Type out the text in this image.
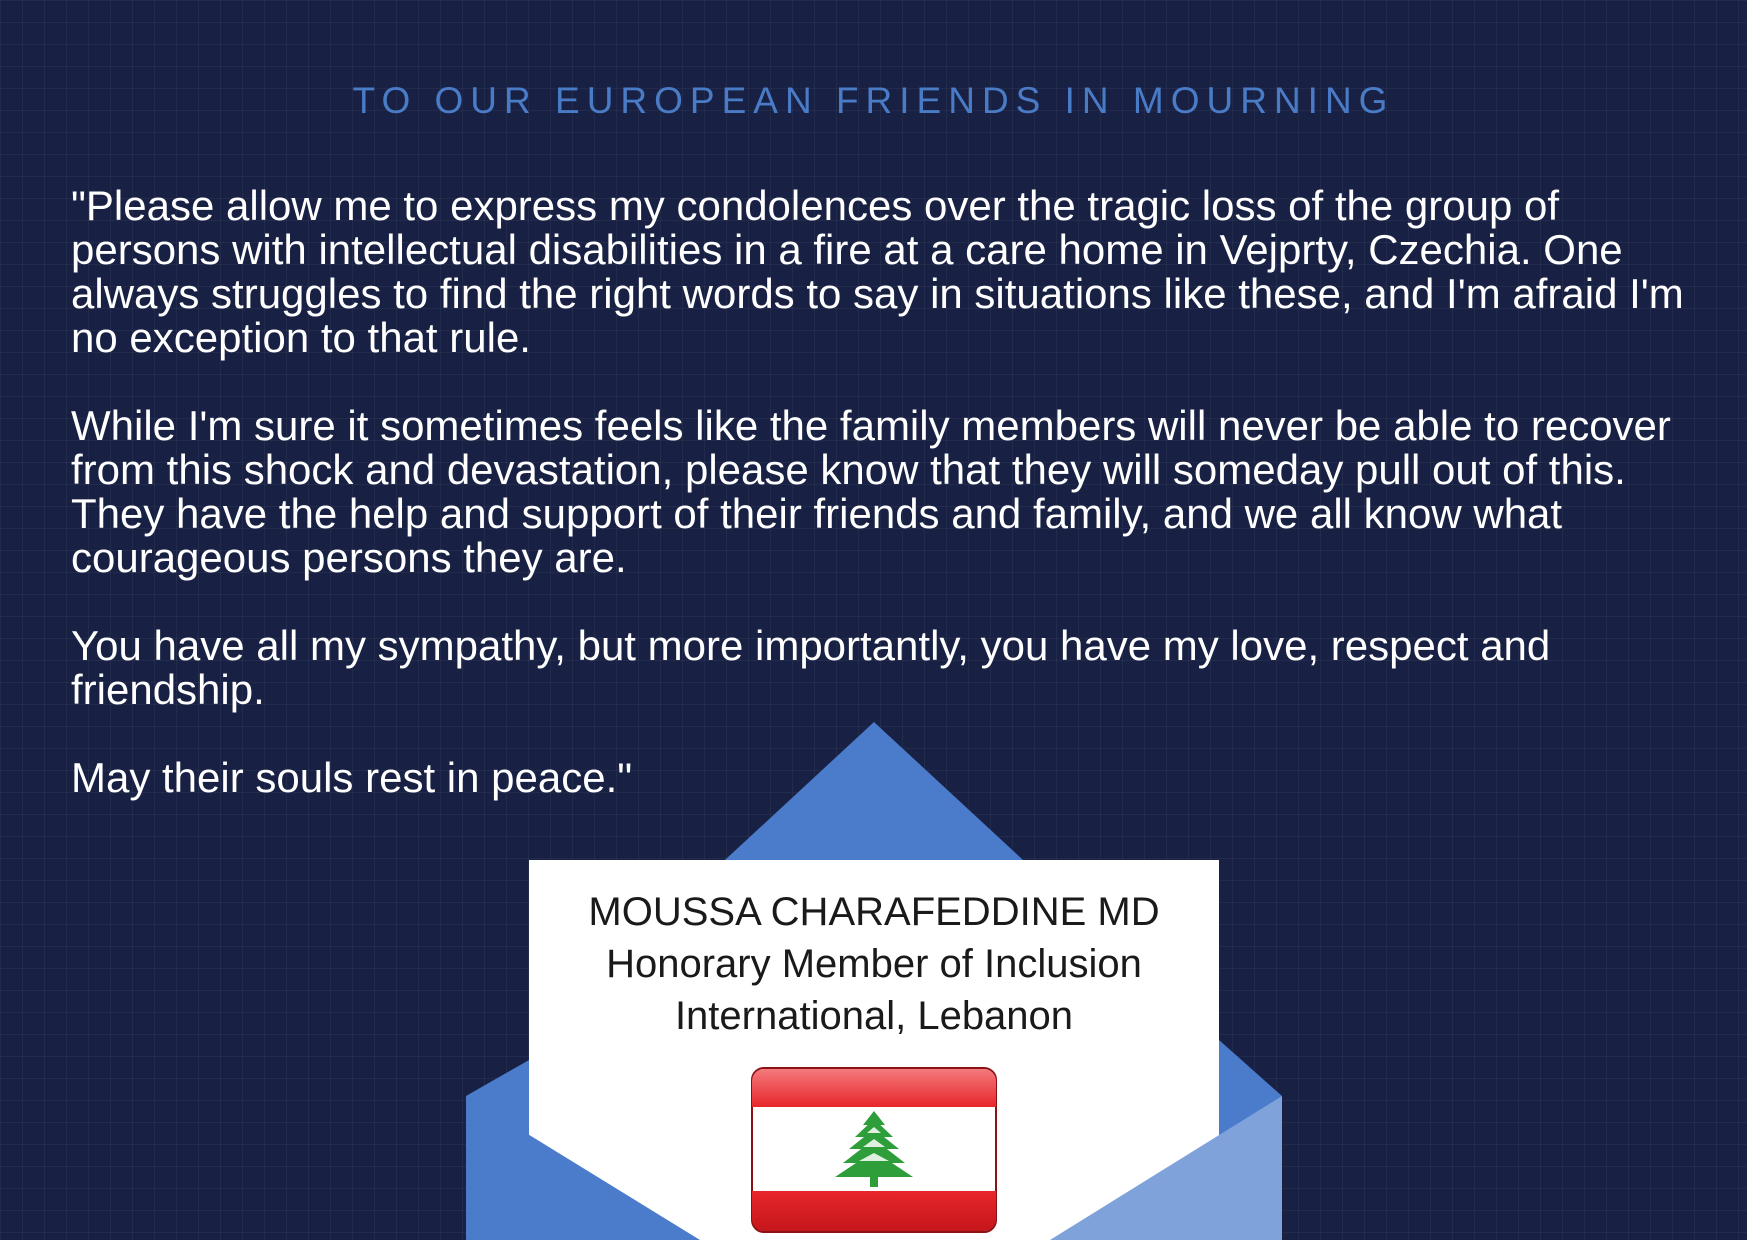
TO OUR EUROPEAN FRIENDS IN MOURNING

"Please allow me to express my condolences over the tragic loss of the group of persons with intellectual disabilities in a fire at a care home in Vejprty, Czechia. One always struggles to find the right words to say in situations like these, and I'm afraid I'm no exception to that rule.

While I'm sure it sometimes feels like the family members will never be able to recover from this shock and devastation, please know that they will someday pull out of this. They have the help and support of their friends and family, and we all know what courageous persons they are.

You have all my sympathy, but more importantly, you have my love, respect and friendship.

May their souls rest in peace."

MOUSSA CHARAFEDDINE MD
Honorary Member of Inclusion
International, Lebanon
